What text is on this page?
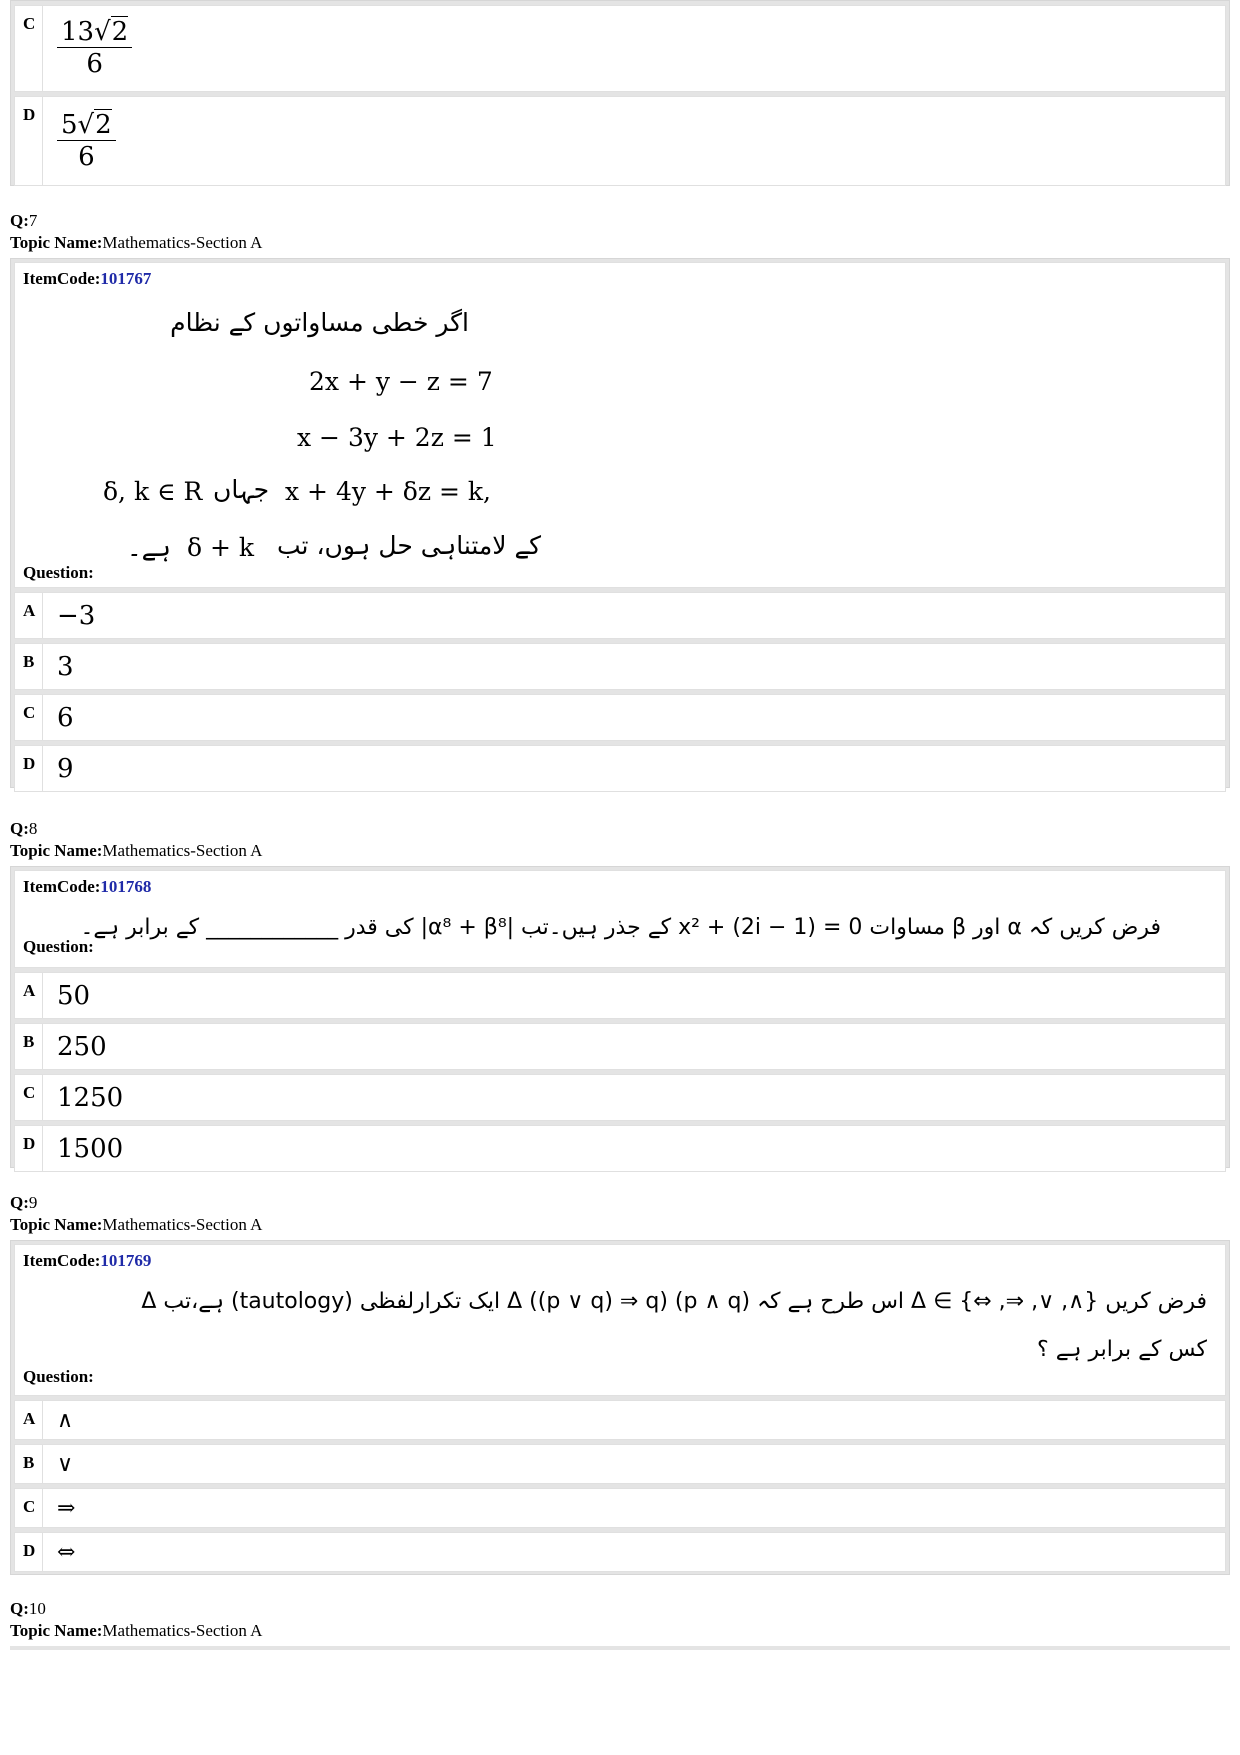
C $\frac{13√2}{6}$
D $\frac{5√2}{6}$
Q:7
Topic Name:Mathematics-Section A
ItemCode:101767
اگر خطی مساواتوں کے نظام
2x + y − z = 7
x − 3y + 2z = 1
δ, k ∈ R جہاں x + 4y + δz = k,
ہے۔ δ + k کے لامتناہی حل ہوں، تب
Question:
A −3
B 3
C 6
D 9
Q:8
Topic Name:Mathematics-Section A
ItemCode:101768
فرض کریں کہ α اور β مساوات x² + (2i − 1) = 0 کے جذر ہیں۔تب |α⁸ + β⁸| کی قدر ____________ کے برابر ہے۔
Question:
A 50
B 250
C 1250
D 1500
Q:9
Topic Name:Mathematics-Section A
ItemCode:101769
فرض کریں {∧, ∨, ⇒, ⇔} ∋ Δ اس طرح ہے کہ (p ∧ q) Δ ((p ∨ q) ⇒ q) ایک تکرارلفظی (tautology) ہے،تب Δ
کس کے برابر ہے ؟
Question:
A ∧
B	∨
C ⇒
D ⇔
Q:10
Topic Name:Mathematics-Section A
